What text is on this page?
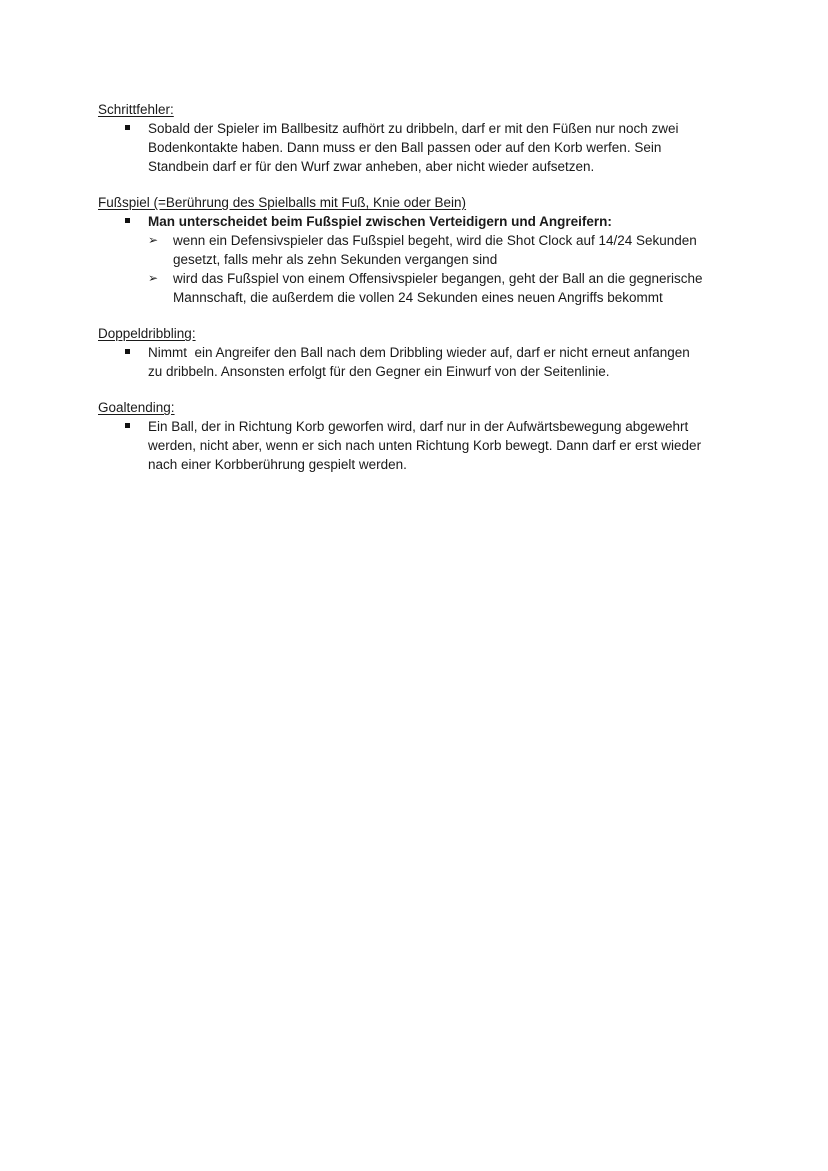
Schrittfehler:
Sobald der Spieler im Ballbesitz aufhört zu dribbeln, darf er mit den Füßen nur noch zwei
Bodenkontakte haben. Dann muss er den Ball passen oder auf den Korb werfen. Sein
Standbein darf er für den Wurf zwar anheben, aber nicht wieder aufsetzen.
Fußspiel (=Berührung des Spielballs mit Fuß, Knie oder Bein)
Man unterscheidet beim Fußspiel zwischen Verteidigern und Angreifern:
➢ wenn ein Defensivspieler das Fußspiel begeht, wird die Shot Clock auf 14/24 Sekunden
gesetzt, falls mehr als zehn Sekunden vergangen sind
➢ wird das Fußspiel von einem Offensivspieler begangen, geht der Ball an die gegnerische
Mannschaft, die außerdem die vollen 24 Sekunden eines neuen Angriffs bekommt
Doppeldribbling:
Nimmt  ein Angreifer den Ball nach dem Dribbling wieder auf, darf er nicht erneut anfangen
zu dribbeln. Ansonsten erfolgt für den Gegner ein Einwurf von der Seitenlinie.
Goaltending:
Ein Ball, der in Richtung Korb geworfen wird, darf nur in der Aufwärtsbewegung abgewehrt
werden, nicht aber, wenn er sich nach unten Richtung Korb bewegt. Dann darf er erst wieder
nach einer Korbberührung gespielt werden.
